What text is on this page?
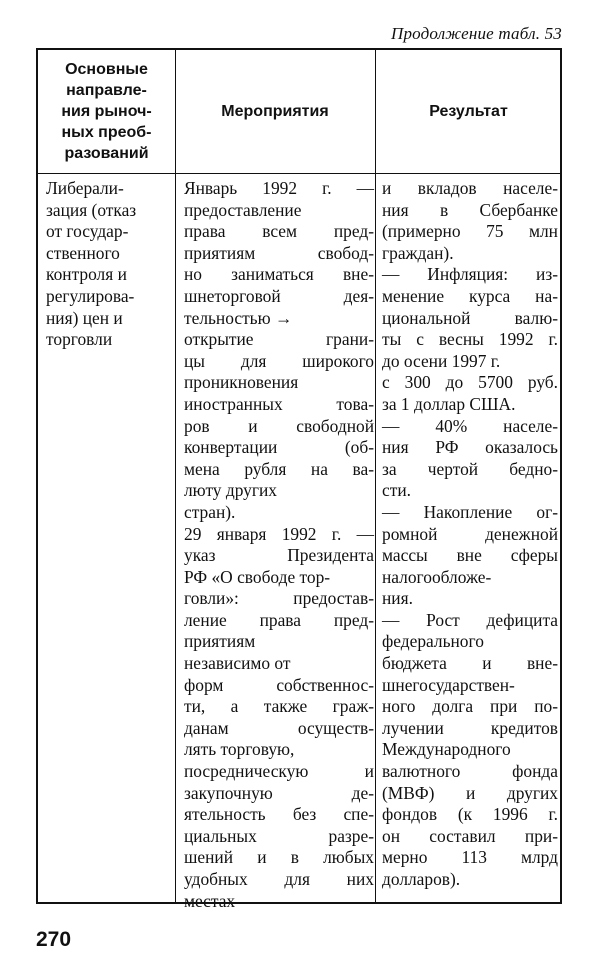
Продолжение табл. 53
Основные
направле-
ния рыноч-
ных преоб-
разований
Мероприятия	Результат
Либерали-
зация (отказ
от государ-
ственного
контроля и
регулирова-
ния) цен и
торговли
Январь 1992 г. —
предоставление
права всем пред-
приятиям свобод-
но заниматься вне-
шнеторговой дея-
тельностью →
открытие грани-
цы для широкого
проникновения
иностранных това-
ров и свободной
конвертации (об-
мена рубля на ва-
люту других
стран).
29 января 1992 г. —
указ Президента
РФ «О свободе тор-
говли»: предостав-
ление права пред-
приятиям
независимо от
форм собственнос-
ти, а также граж-
данам осуществ-
лять торговую,
посредническую и
закупочную де-
ятельность без спе-
циальных разре-
шений и в любых
удобных для них
местах
и вкладов населе-
ния в Сбербанке
(примерно 75 млн
граждан).
— Инфляция: из-
менение курса на-
циональной валю-
ты с весны 1992 г.
до осени 1997 г.
с 300 до 5700 руб.
за 1 доллар США.
— 40% населе-
ния РФ оказалось
за чертой бедно-
сти.
— Накопление ог-
ромной денежной
массы вне сферы
налогообложе-
ния.
— Рост дефицита
федерального
бюджета и вне-
шнегосударствен-
ного долга при по-
лучении кредитов
Международного
валютного фонда
(МВФ) и других
фондов (к 1996 г.
он составил при-
мерно 113 млрд
долларов).
270
